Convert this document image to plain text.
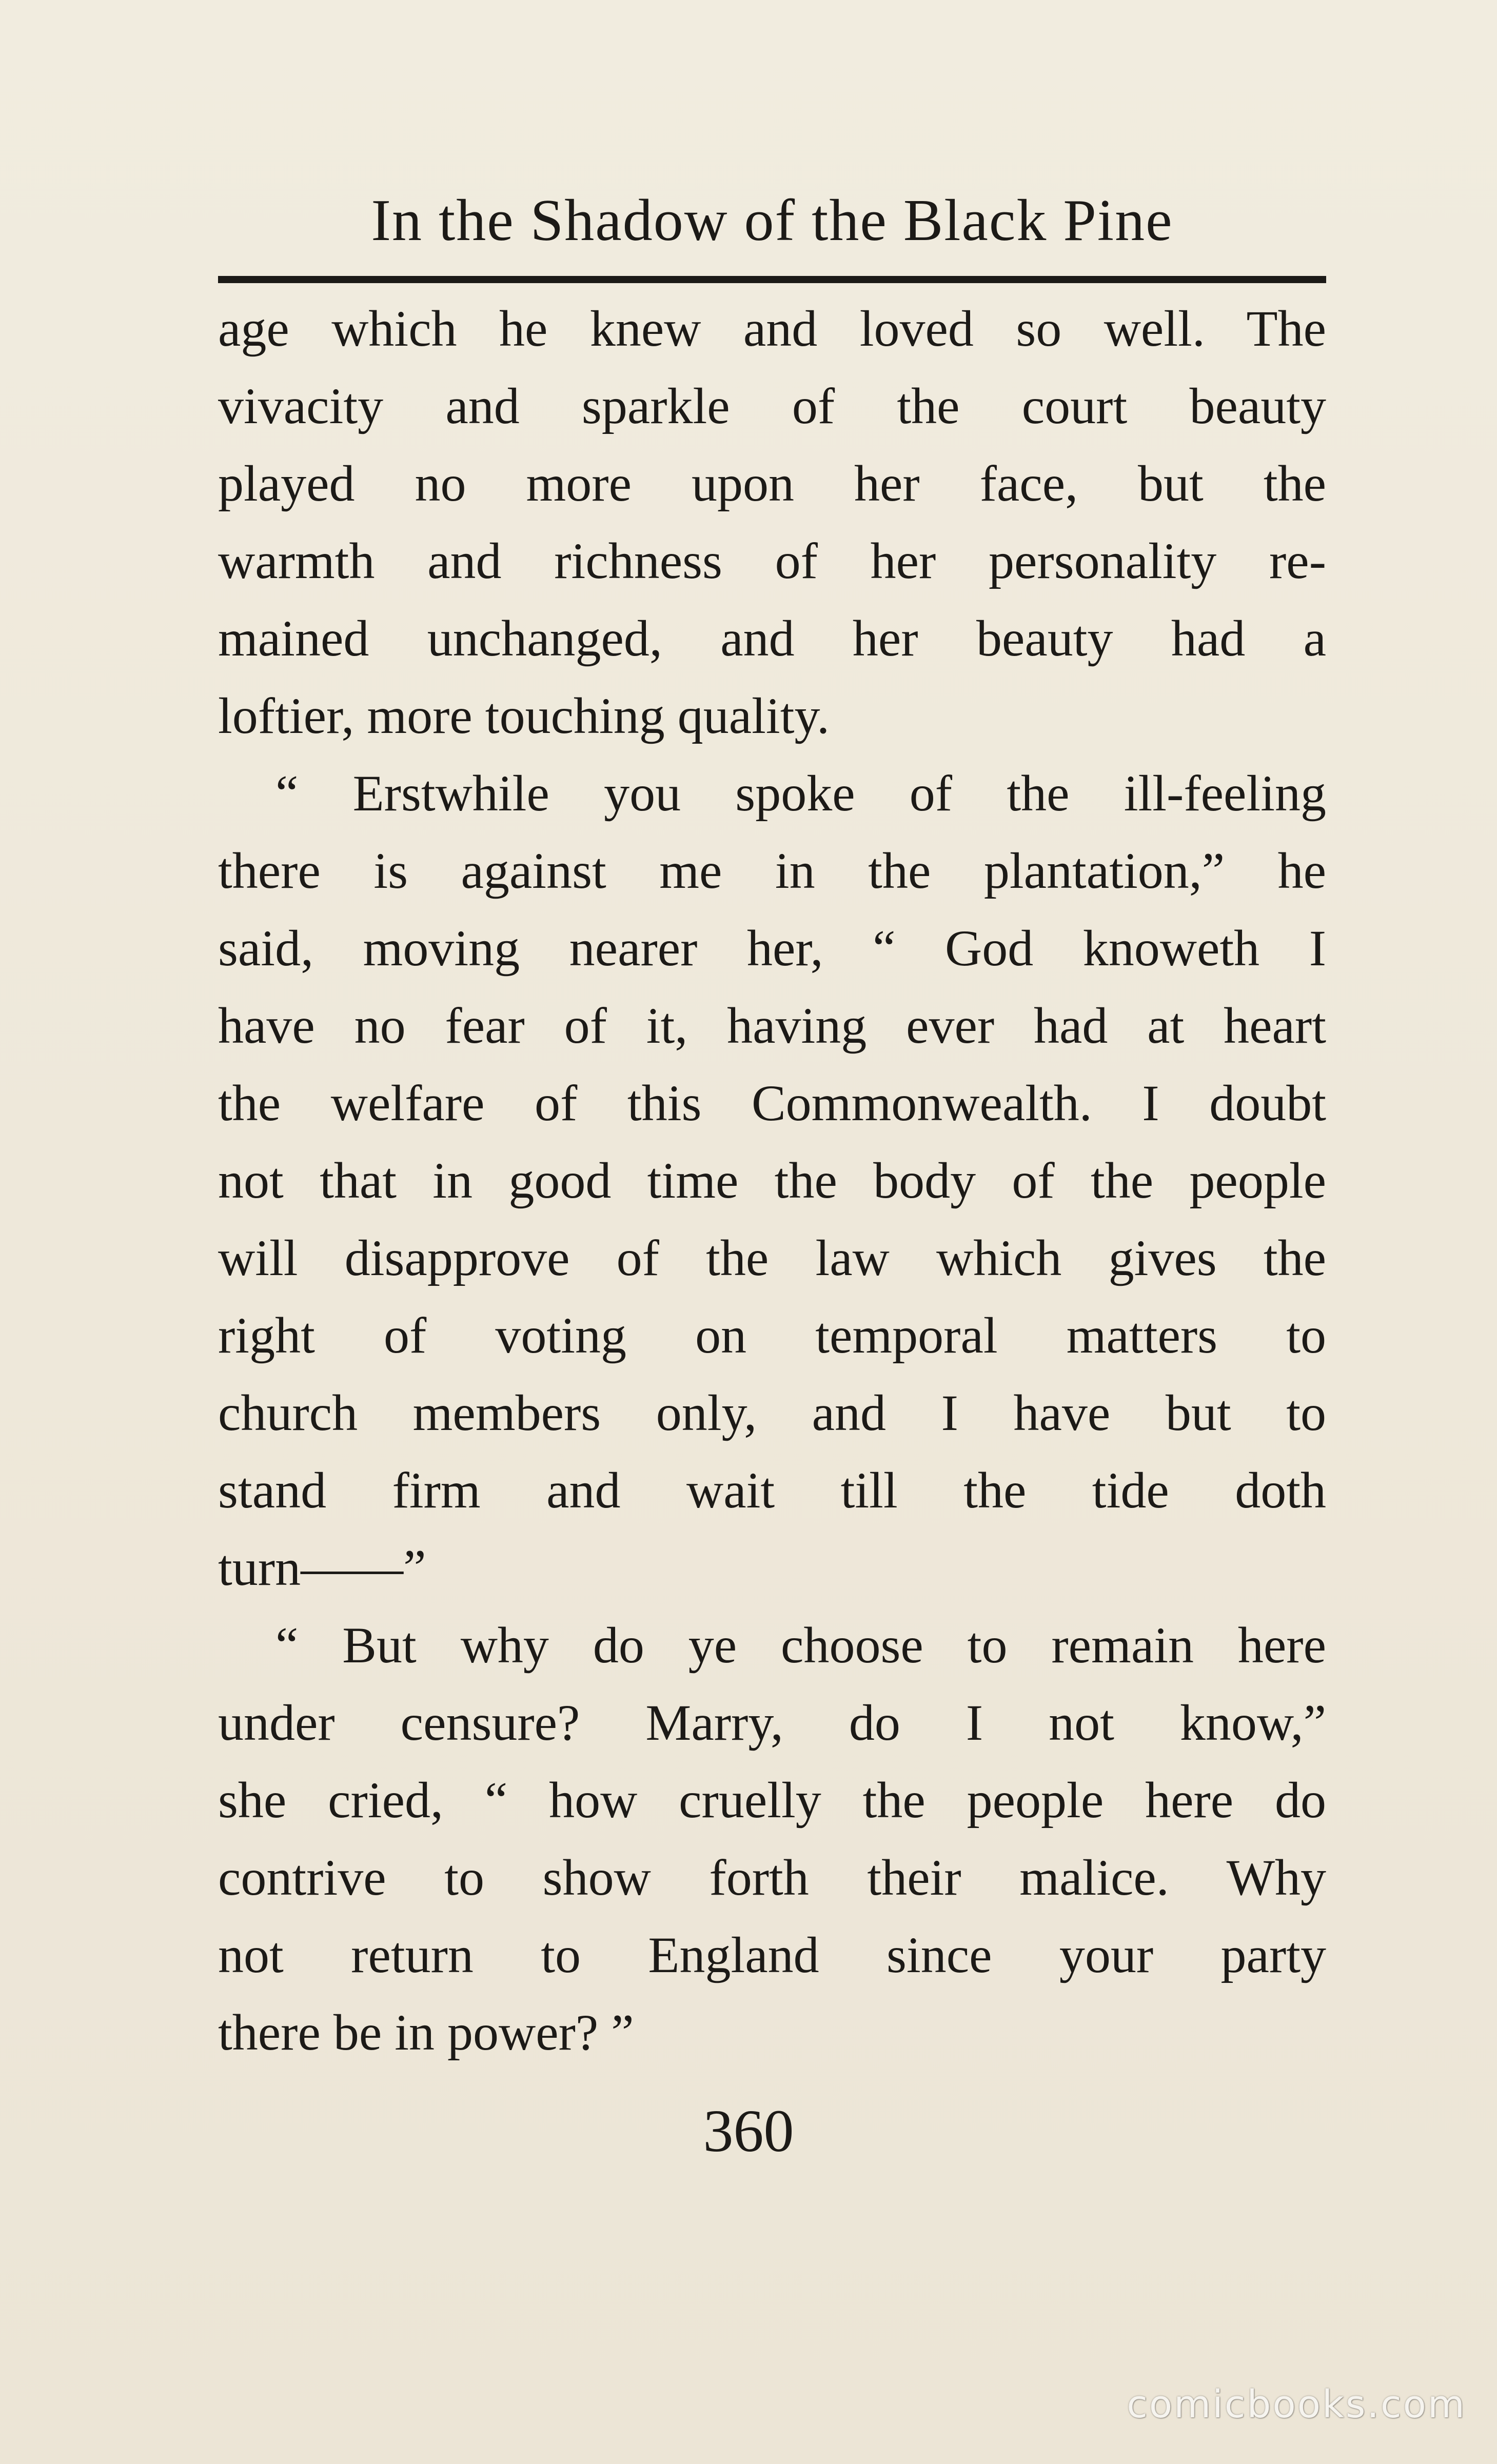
In the Shadow of the Black Pine
age which he knew and loved so well. The
vivacity and sparkle of the court beauty
played no more upon her face, but the
warmth and richness of her personality re-
mained unchanged, and her beauty had a
loftier, more touching quality.
“ Erstwhile you spoke of the ill-feeling
there is against me in the plantation,” he
said, moving nearer her, “ God knoweth I
have no fear of it, having ever had at heart
the welfare of this Commonwealth. I doubt
not that in good time the body of the people
will disapprove of the law which gives the
right of voting on temporal matters to
church members only, and I have but to
stand firm and wait till the tide doth
turn——”
“ But why do ye choose to remain here
under censure? Marry, do I not know,”
she cried, “ how cruelly the people here do
contrive to show forth their malice. Why
not return to England since your party
there be in power? ”
360
comicbooks.com
